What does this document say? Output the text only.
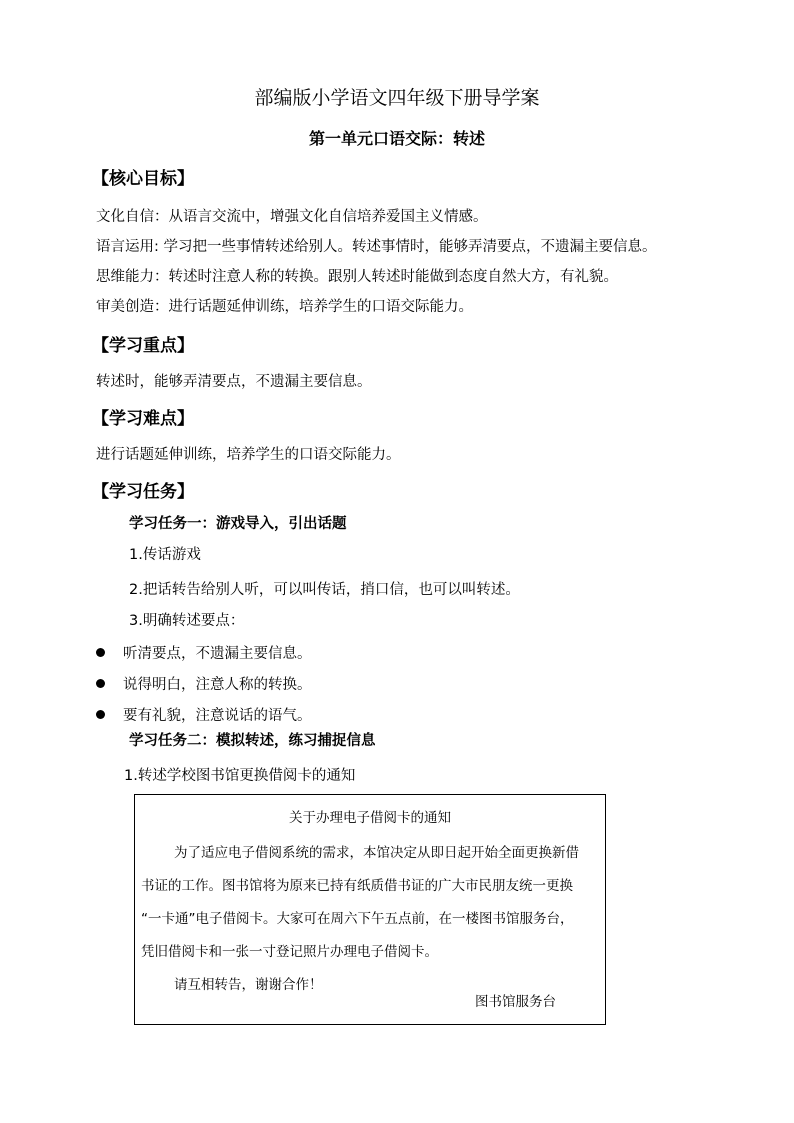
部编版小学语文四年级下册导学案
第一单元口语交际：转述
【核心目标】
文化自信：从语言交流中，增强文化自信培养爱国主义情感。
语言运用: 学习把一些事情转述给别人。转述事情时，能够弄清要点，不遗漏主要信息。
思维能力：转述时注意人称的转换。跟别人转述时能做到态度自然大方，有礼貌。
审美创造：进行话题延伸训练，培养学生的口语交际能力。
【学习重点】
转述时，能够弄清要点，不遗漏主要信息。
【学习难点】
进行话题延伸训练，培养学生的口语交际能力。
【学习任务】
学习任务一：游戏导入，引出话题
1.传话游戏
2.把话转告给别人听，可以叫传话，捎口信，也可以叫转述。
3.明确转述要点：
听清要点，不遗漏主要信息。
说得明白，注意人称的转换。
要有礼貌，注意说话的语气。
学习任务二：模拟转述，练习捕捉信息
1.转述学校图书馆更换借阅卡的通知
关于办理电子借阅卡的通知
为了适应电子借阅系统的需求，本馆决定从即日起开始全面更换新借
书证的工作。图书馆将为原来已持有纸质借书证的广大市民朋友统一更换
“一卡通”电子借阅卡。大家可在周六下午五点前，在一楼图书馆服务台，
凭旧借阅卡和一张一寸登记照片办理电子借阅卡。
请互相转告，谢谢合作！
图书馆服务台
